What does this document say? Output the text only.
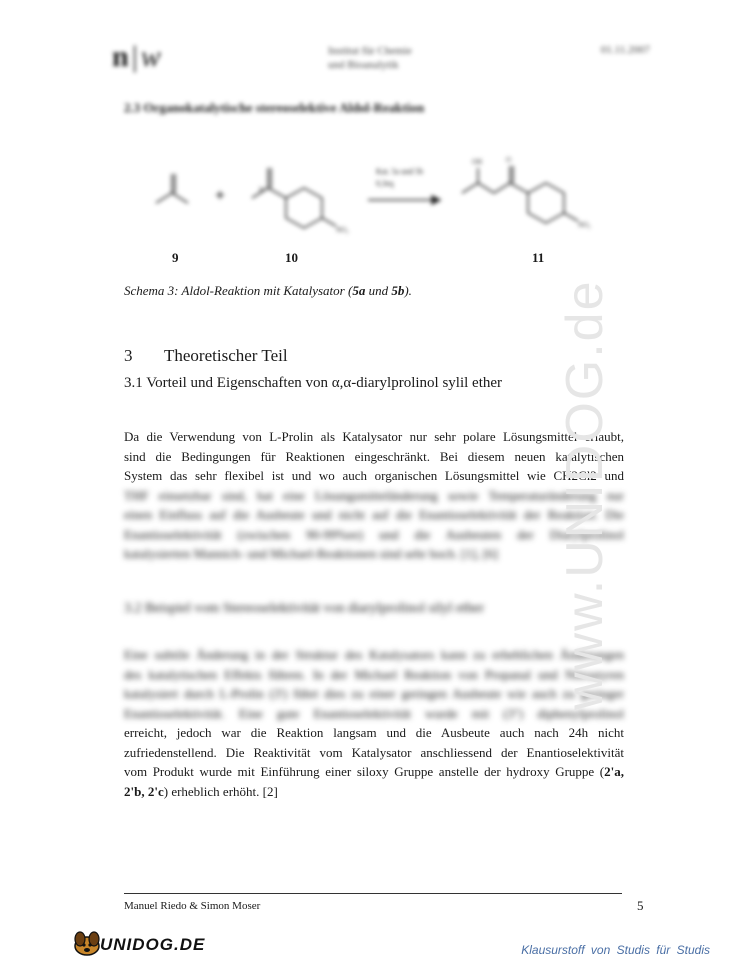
n|w	Institut für Chemie
und Bioanalytik
01.11.2007
2.3 Organokatalytische stereoselektive Aldol-Reaktion
H
NO₂
Kat. 5a und 5b
0,3eq
OH	O
NO₂
9	10	11
Schema 3: Aldol-Reaktion mit Katalysator (5a und 5b).
3 Theoretischer Teil
3.1 Vorteil und Eigenschaften von α,α-diarylprolinol sylil ether
Da die Verwendung von L-Prolin als Katalysator nur sehr polare Lösungsmittel erlaubt,
sind die Bedingungen für Reaktionen eingeschränkt. Bei diesem neuen katalytischen
System das sehr flexibel ist und wo auch organischen Lösungsmittel wie CH2Cl2 und
THF einsetzbar sind, hat eine Lösungsmitteländerung sowie Temperaturänderung nur
einen Einfluss auf die Ausbeute und nicht auf die Enantioselektivität der Reaktion. Die
Enantioselektivität (zwischen 90-99%ee) und die Ausbeuten der Diarylprolinol
katalysierten Mannich- und Michael-Reaktionen sind sehr hoch. [1], [6]
3.2 Beispiel vom Stereoselektivität von diarylprolinol silyl ether
Eine subtile Änderung in der Struktur des Katalysators kann zu erheblichen Änderungen
des katalytischen Effekts führen. In der Michael Reaktion von Propanal und Nitrostyren
katalysiert durch L-Prolin (3') führt dies zu einer geringen Ausbeute wie auch zu geringer
Enantioselektivität. Eine gute Enantioselektivität wurde mit (3'') diphenylprolinol
erreicht, jedoch war die Reaktion langsam und die Ausbeute auch nach 24h nicht
zufriedenstellend. Die Reaktivität vom Katalysator anschliessend der Enantioselektivität
vom Produkt wurde mit Einführung einer siloxy Gruppe anstelle der hydroxy Gruppe (2'a,
2'b, 2'c) erheblich erhöht. [2]
www.UNIDOG.de
Manuel Riedo & Simon Moser	5
UNIDOG.DE	Klausurstoff von Studis für Studis
